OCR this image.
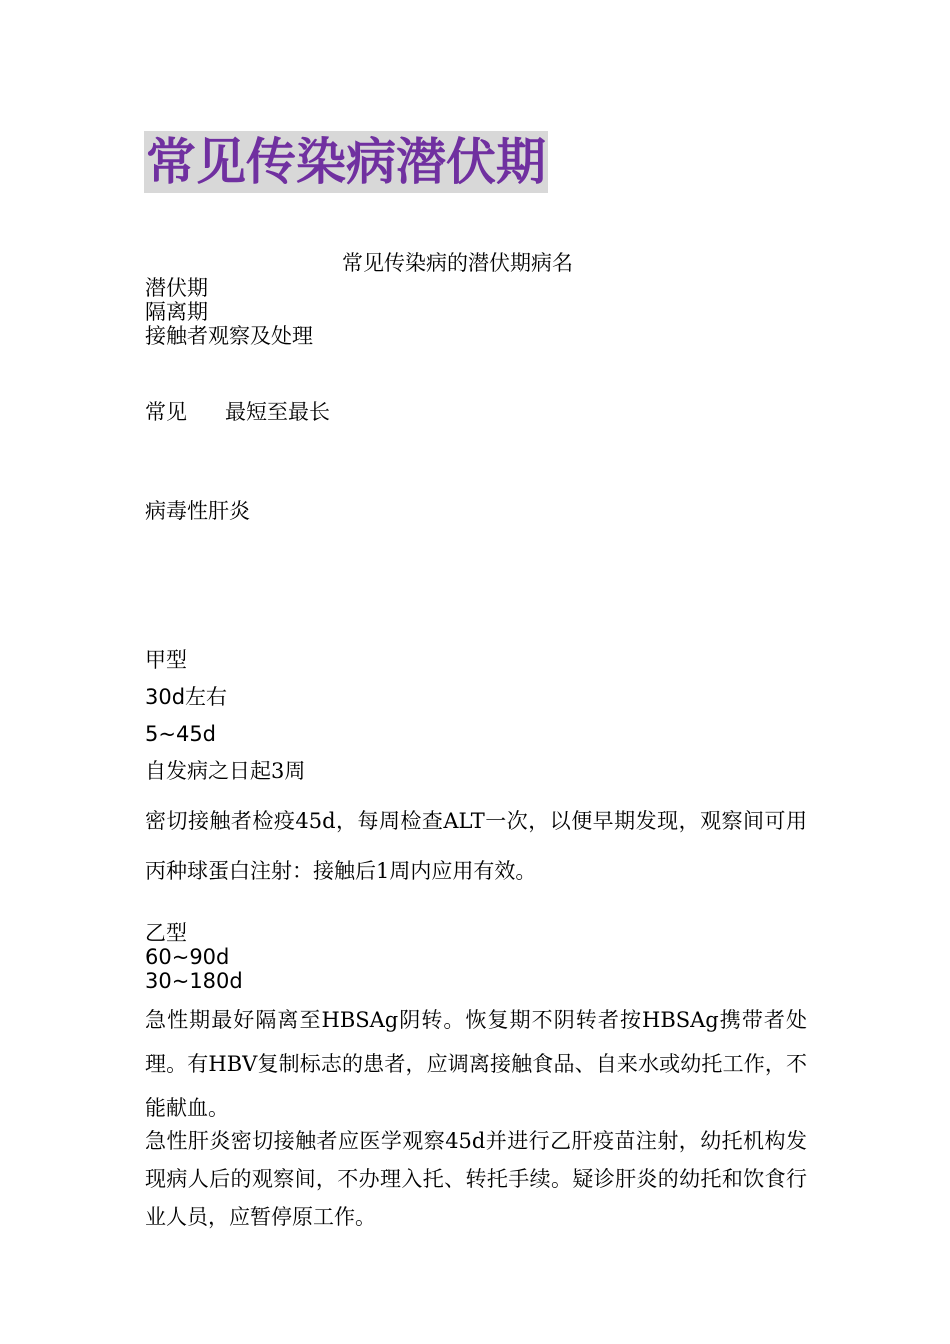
常见传染病潜伏期
常见传染病的潜伏期病名
潜伏期
隔离期
接触者观察及处理
常见 最短至最长
病毒性肝炎
甲型
30d左右
5~45d
自发病之日起3周
密切接触者检疫45d，每周检查ALT一次，以便早期发现，观察间可用丙种球蛋白注射：接触后1周内应用有效。
乙型
60~90d
30~180d
急性期最好隔离至HBSAg阴转。恢复期不阴转者按HBSAg携带者处理。有HBV复制标志的患者，应调离接触食品、自来水或幼托工作，不能献血。
急性肝炎密切接触者应医学观察45d并进行乙肝疫苗注射，幼托机构发现病人后的观察间，不办理入托、转托手续。疑诊肝炎的幼托和饮食行业人员，应暂停原工作。
